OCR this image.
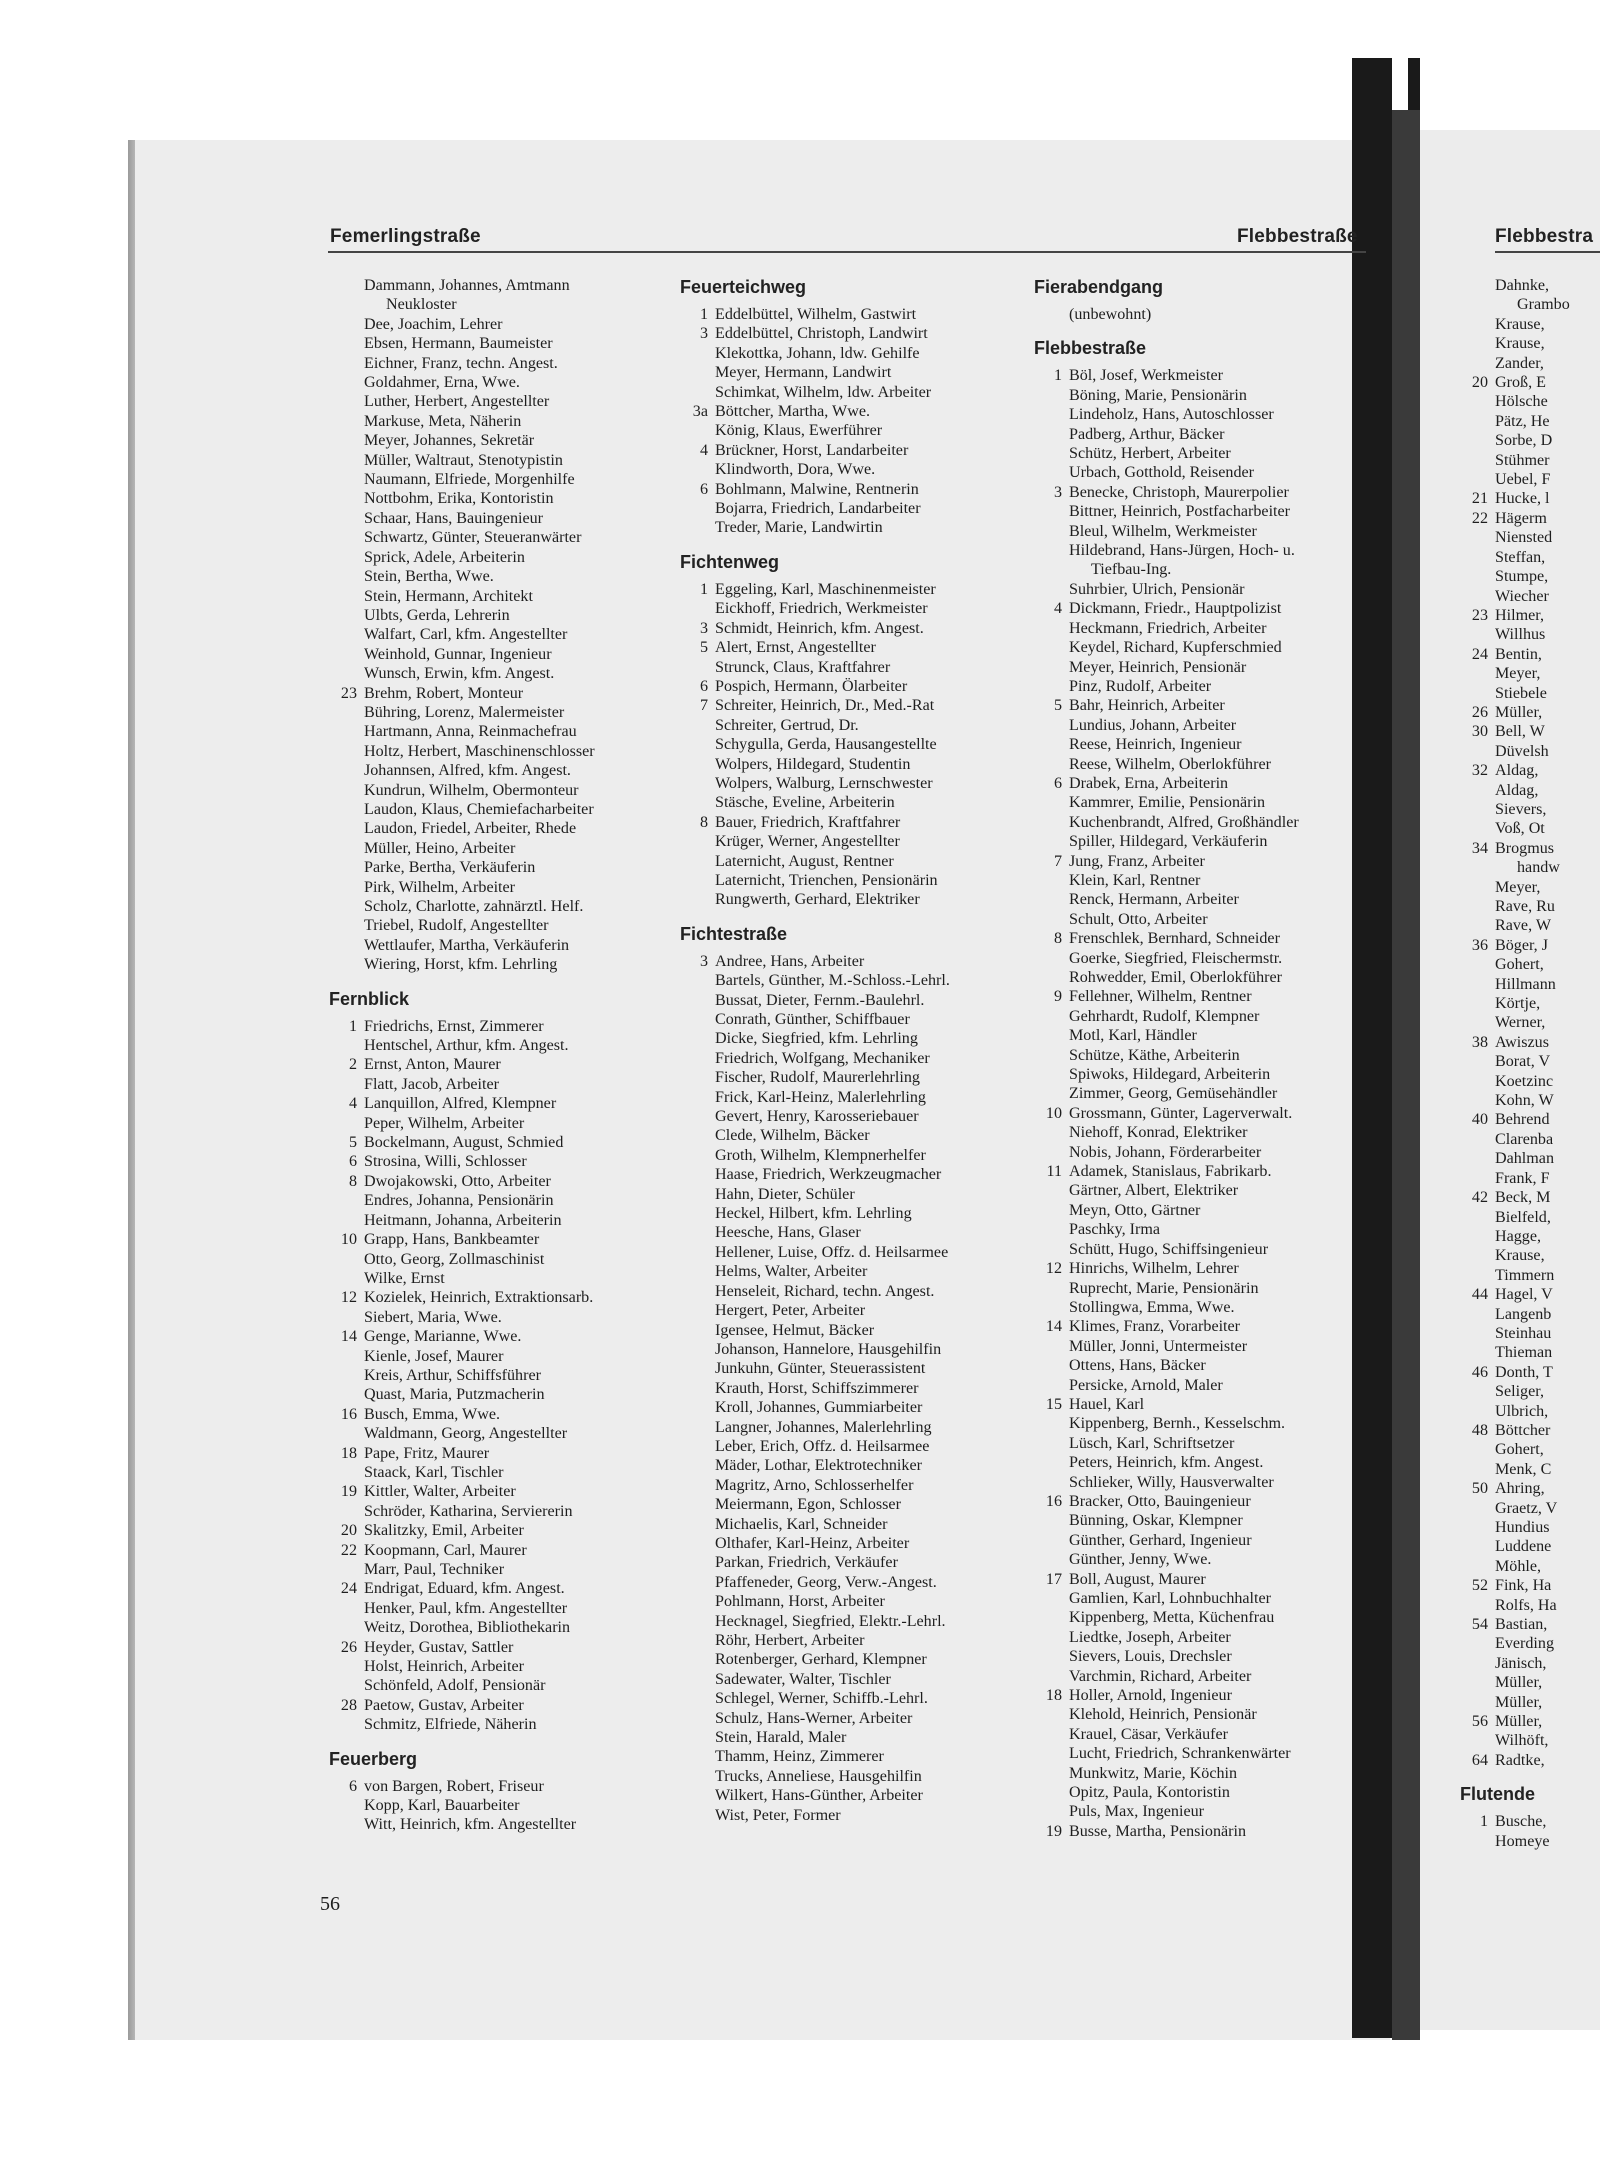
Femerlingstraße	Flebbestraße	Flebbestra
Dammann, Johannes, Amtmann
Neukloster
Dee, Joachim, Lehrer
Ebsen, Hermann, Baumeister
Eichner, Franz, techn. Angest.
Goldahmer, Erna, Wwe.
Luther, Herbert, Angestellter
Markuse, Meta, Näherin
Meyer, Johannes, Sekretär
Müller, Waltraut, Stenotypistin
Naumann, Elfriede, Morgenhilfe
Nottbohm, Erika, Kontoristin
Schaar, Hans, Bauingenieur
Schwartz, Günter, Steueranwärter
Sprick, Adele, Arbeiterin
Stein, Bertha, Wwe.
Stein, Hermann, Architekt
Ulbts, Gerda, Lehrerin
Walfart, Carl, kfm. Angestellter
Weinhold, Gunnar, Ingenieur
Wunsch, Erwin, kfm. Angest.
23 Brehm, Robert, Monteur
Bühring, Lorenz, Malermeister
Hartmann, Anna, Reinmachefrau
Holtz, Herbert, Maschinenschlosser
Johannsen, Alfred, kfm. Angest.
Kundrun, Wilhelm, Obermonteur
Laudon, Klaus, Chemiefacharbeiter
Laudon, Friedel, Arbeiter, Rhede
Müller, Heino, Arbeiter
Parke, Bertha, Verkäuferin
Pirk, Wilhelm, Arbeiter
Scholz, Charlotte, zahnärztl. Helf.
Triebel, Rudolf, Angestellter
Wettlaufer, Martha, Verkäuferin
Wiering, Horst, kfm. Lehrling
Fernblick
1 Friedrichs, Ernst, Zimmerer
Hentschel, Arthur, kfm. Angest.
2 Ernst, Anton, Maurer
Flatt, Jacob, Arbeiter
4 Lanquillon, Alfred, Klempner
Peper, Wilhelm, Arbeiter
5 Bockelmann, August, Schmied
6 Strosina, Willi, Schlosser
8 Dwojakowski, Otto, Arbeiter
Endres, Johanna, Pensionärin
Heitmann, Johanna, Arbeiterin
10 Grapp, Hans, Bankbeamter
Otto, Georg, Zollmaschinist
Wilke, Ernst
12 Kozielek, Heinrich, Extraktionsarb.
Siebert, Maria, Wwe.
14 Genge, Marianne, Wwe.
Kienle, Josef, Maurer
Kreis, Arthur, Schiffsführer
Quast, Maria, Putzmacherin
16 Busch, Emma, Wwe.
Waldmann, Georg, Angestellter
18 Pape, Fritz, Maurer
Staack, Karl, Tischler
19 Kittler, Walter, Arbeiter
Schröder, Katharina, Serviererin
20 Skalitzky, Emil, Arbeiter
22 Koopmann, Carl, Maurer
Marr, Paul, Techniker
24 Endrigat, Eduard, kfm. Angest.
Henker, Paul, kfm. Angestellter
Weitz, Dorothea, Bibliothekarin
26 Heyder, Gustav, Sattler
Holst, Heinrich, Arbeiter
Schönfeld, Adolf, Pensionär
28 Paetow, Gustav, Arbeiter
Schmitz, Elfriede, Näherin
Feuerberg
6 von Bargen, Robert, Friseur
Kopp, Karl, Bauarbeiter
Witt, Heinrich, kfm. Angestellter
Feuerteichweg
1 Eddelbüttel, Wilhelm, Gastwirt
3 Eddelbüttel, Christoph, Landwirt
Klekottka, Johann, ldw. Gehilfe
Meyer, Hermann, Landwirt
Schimkat, Wilhelm, ldw. Arbeiter
3a Böttcher, Martha, Wwe.
König, Klaus, Ewerführer
4 Brückner, Horst, Landarbeiter
Klindworth, Dora, Wwe.
6 Bohlmann, Malwine, Rentnerin
Bojarra, Friedrich, Landarbeiter
Treder, Marie, Landwirtin
Fichtenweg
1 Eggeling, Karl, Maschinenmeister
Eickhoff, Friedrich, Werkmeister
3 Schmidt, Heinrich, kfm. Angest.
5 Alert, Ernst, Angestellter
Strunck, Claus, Kraftfahrer
6 Pospich, Hermann, Ölarbeiter
7 Schreiter, Heinrich, Dr., Med.-Rat
Schreiter, Gertrud, Dr.
Schygulla, Gerda, Hausangestellte
Wolpers, Hildegard, Studentin
Wolpers, Walburg, Lernschwester
Stäsche, Eveline, Arbeiterin
8 Bauer, Friedrich, Kraftfahrer
Krüger, Werner, Angestellter
Laternicht, August, Rentner
Laternicht, Trienchen, Pensionärin
Rungwerth, Gerhard, Elektriker
Fichtestraße
3 Andree, Hans, Arbeiter
Bartels, Günther, M.-Schloss.-Lehrl.
Bussat, Dieter, Fernm.-Baulehrl.
Conrath, Günther, Schiffbauer
Dicke, Siegfried, kfm. Lehrling
Friedrich, Wolfgang, Mechaniker
Fischer, Rudolf, Maurerlehrling
Frick, Karl-Heinz, Malerlehrling
Gevert, Henry, Karosseriebauer
Clede, Wilhelm, Bäcker
Groth, Wilhelm, Klempnerhelfer
Haase, Friedrich, Werkzeugmacher
Hahn, Dieter, Schüler
Heckel, Hilbert, kfm. Lehrling
Heesche, Hans, Glaser
Hellener, Luise, Offz. d. Heilsarmee
Helms, Walter, Arbeiter
Henseleit, Richard, techn. Angest.
Hergert, Peter, Arbeiter
Igensee, Helmut, Bäcker
Johanson, Hannelore, Hausgehilfin
Junkuhn, Günter, Steuerassistent
Krauth, Horst, Schiffszimmerer
Kroll, Johannes, Gummiarbeiter
Langner, Johannes, Malerlehrling
Leber, Erich, Offz. d. Heilsarmee
Mäder, Lothar, Elektrotechniker
Magritz, Arno, Schlosserhelfer
Meiermann, Egon, Schlosser
Michaelis, Karl, Schneider
Olthafer, Karl-Heinz, Arbeiter
Parkan, Friedrich, Verkäufer
Pfaffeneder, Georg, Verw.-Angest.
Pohlmann, Horst, Arbeiter
Hecknagel, Siegfried, Elektr.-Lehrl.
Röhr, Herbert, Arbeiter
Rotenberger, Gerhard, Klempner
Sadewater, Walter, Tischler
Schlegel, Werner, Schiffb.-Lehrl.
Schulz, Hans-Werner, Arbeiter
Stein, Harald, Maler
Thamm, Heinz, Zimmerer
Trucks, Anneliese, Hausgehilfin
Wilkert, Hans-Günther, Arbeiter
Wist, Peter, Former
Fierabendgang
(unbewohnt)
Flebbestraße
1 Böl, Josef, Werkmeister
Böning, Marie, Pensionärin
Lindeholz, Hans, Autoschlosser
Padberg, Arthur, Bäcker
Schütz, Herbert, Arbeiter
Urbach, Gotthold, Reisender
3 Benecke, Christoph, Maurerpolier
Bittner, Heinrich, Postfacharbeiter
Bleul, Wilhelm, Werkmeister
Hildebrand, Hans-Jürgen, Hoch- u.
Tiefbau-Ing.
Suhrbier, Ulrich, Pensionär
4 Dickmann, Friedr., Hauptpolizist
Heckmann, Friedrich, Arbeiter
Keydel, Richard, Kupferschmied
Meyer, Heinrich, Pensionär
Pinz, Rudolf, Arbeiter
5 Bahr, Heinrich, Arbeiter
Lundius, Johann, Arbeiter
Reese, Heinrich, Ingenieur
Reese, Wilhelm, Oberlokführer
6 Drabek, Erna, Arbeiterin
Kammrer, Emilie, Pensionärin
Kuchenbrandt, Alfred, Großhändler
Spiller, Hildegard, Verkäuferin
7 Jung, Franz, Arbeiter
Klein, Karl, Rentner
Renck, Hermann, Arbeiter
Schult, Otto, Arbeiter
8 Frenschlek, Bernhard, Schneider
Goerke, Siegfried, Fleischermstr.
Rohwedder, Emil, Oberlokführer
9 Fellehner, Wilhelm, Rentner
Gehrhardt, Rudolf, Klempner
Motl, Karl, Händler
Schütze, Käthe, Arbeiterin
Spiwoks, Hildegard, Arbeiterin
Zimmer, Georg, Gemüsehändler
10 Grossmann, Günter, Lagerverwalt.
Niehoff, Konrad, Elektriker
Nobis, Johann, Förderarbeiter
11 Adamek, Stanislaus, Fabrikarb.
Gärtner, Albert, Elektriker
Meyn, Otto, Gärtner
Paschky, Irma
Schütt, Hugo, Schiffsingenieur
12 Hinrichs, Wilhelm, Lehrer
Ruprecht, Marie, Pensionärin
Stollingwa, Emma, Wwe.
14 Klimes, Franz, Vorarbeiter
Müller, Jonni, Untermeister
Ottens, Hans, Bäcker
Persicke, Arnold, Maler
15 Hauel, Karl
Kippenberg, Bernh., Kesselschm.
Lüsch, Karl, Schriftsetzer
Peters, Heinrich, kfm. Angest.
Schlieker, Willy, Hausverwalter
16 Bracker, Otto, Bauingenieur
Bünning, Oskar, Klempner
Günther, Gerhard, Ingenieur
Günther, Jenny, Wwe.
17 Boll, August, Maurer
Gamlien, Karl, Lohnbuchhalter
Kippenberg, Metta, Küchenfrau
Liedtke, Joseph, Arbeiter
Sievers, Louis, Drechsler
Varchmin, Richard, Arbeiter
18 Holler, Arnold, Ingenieur
Klehold, Heinrich, Pensionär
Krauel, Cäsar, Verkäufer
Lucht, Friedrich, Schrankenwärter
Munkwitz, Marie, Köchin
Opitz, Paula, Kontoristin
Puls, Max, Ingenieur
19 Busse, Martha, Pensionärin
Dahnke,
Grambo
Krause,
Krause,
Zander,
20 Groß, E
Hölsche
Pätz, He
Sorbe, D
Stühmer
Uebel, F
21 Hucke, l
22 Hägerm
Niensted
Steffan,
Stumpe,
Wiecher
23 Hilmer,
Willhus
24 Bentin,
Meyer,
Stiebele
26 Müller,
30 Bell, W
Düvelsh
32 Aldag,
Aldag,
Sievers,
Voß, Ot
34 Brogmus
handw
Meyer,
Rave, Ru
Rave, W
36 Böger, J
Gohert,
Hillmann
Körtje,
Werner,
38 Awiszus
Borat, V
Koetzinc
Kohn, W
40 Behrend
Clarenba
Dahlman
Frank, F
42 Beck, M
Bielfeld,
Hagge,
Krause,
Timmern
44 Hagel, V
Langenb
Steinhau
Thieman
46 Donth, T
Seliger,
Ulbrich,
48 Böttcher
Gohert,
Menk, C
50 Ahring,
Graetz, V
Hundius
Luddene
Möhle,
52 Fink, Ha
Rolfs, Ha
54 Bastian,
Everding
Jänisch,
Müller,
Müller,
56 Müller,
Wilhöft,
64 Radtke,
Flutende
1 Busche,
Homeye
56
